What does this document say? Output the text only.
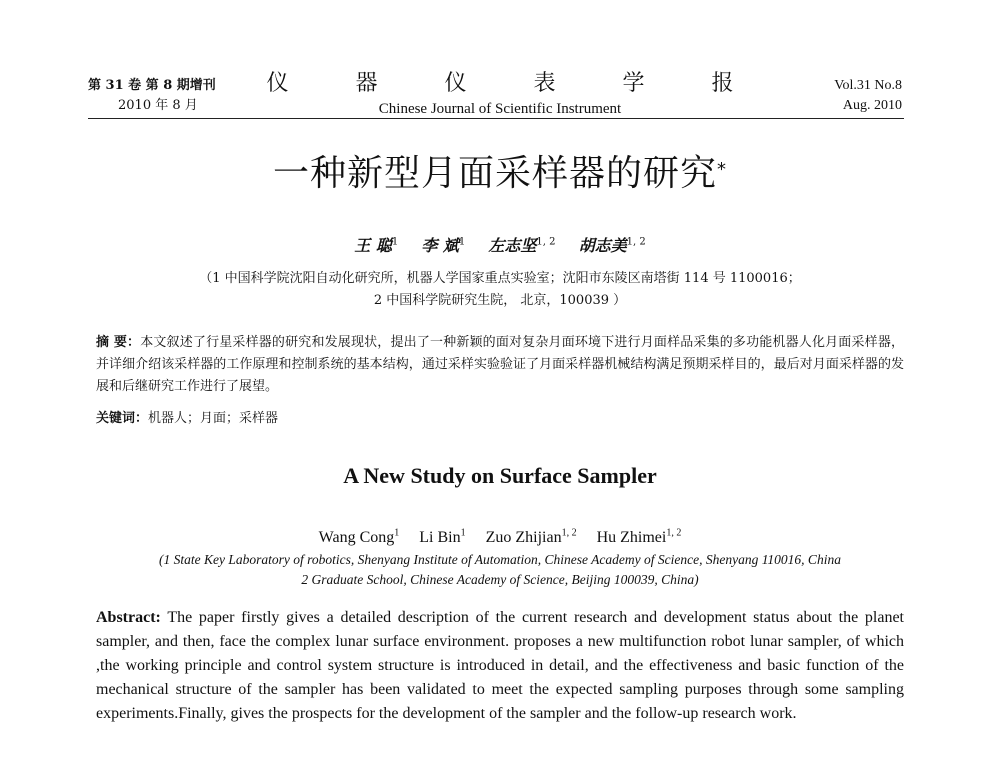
第 31 卷 第 8 期增刊
2010 年 8 月
仪 器 仪 表 学 报
Chinese Journal of Scientific Instrument
Vol.31 No.8
Aug. 2010
一种新型月面采样器的研究*
王 聪$^1$ 李 斌$^1$ 左志坚$^{1, 2}$ 胡志美$^{1, 2}$
（1 中国科学院沈阳自动化研究所，机器人学国家重点实验室；沈阳市东陵区南塔街 114 号 1100016；
2 中国科学院研究生院， 北京，100039 ）
摘 要：本文叙述了行星采样器的研究和发展现状，提出了一种新颖的面对复杂月面环境下进行月面样品采集的多功能机器人化月面采样器，并详细介绍该采样器的工作原理和控制系统的基本结构，通过采样实验验证了月面采样器机械结构满足预期采样目的，最后对月面采样器的发展和后继研究工作进行了展望。
关键词：机器人；月面；采样器
A New Study on Surface Sampler
Wang Cong$^1$ Li Bin$^1$ Zuo Zhijian$^{1, 2}$ Hu Zhimei$^{1, 2}$
(1 State Key Laboratory of robotics, Shenyang Institute of Automation, Chinese Academy of Science, Shenyang 110016, China
2 Graduate School, Chinese Academy of Science, Beijing 100039, China)
Abstract: The paper firstly gives a detailed description of the current research and development status about the planet sampler, and then, face the complex lunar surface environment. proposes a new multifunction robot lunar sampler, of which ,the working principle and control system structure is introduced in detail, and the effectiveness and basic function of the mechanical structure of the sampler has been validated to meet the expected sampling purposes through some sampling experiments.Finally, gives the prospects for the development of the sampler and the follow-up research work.
